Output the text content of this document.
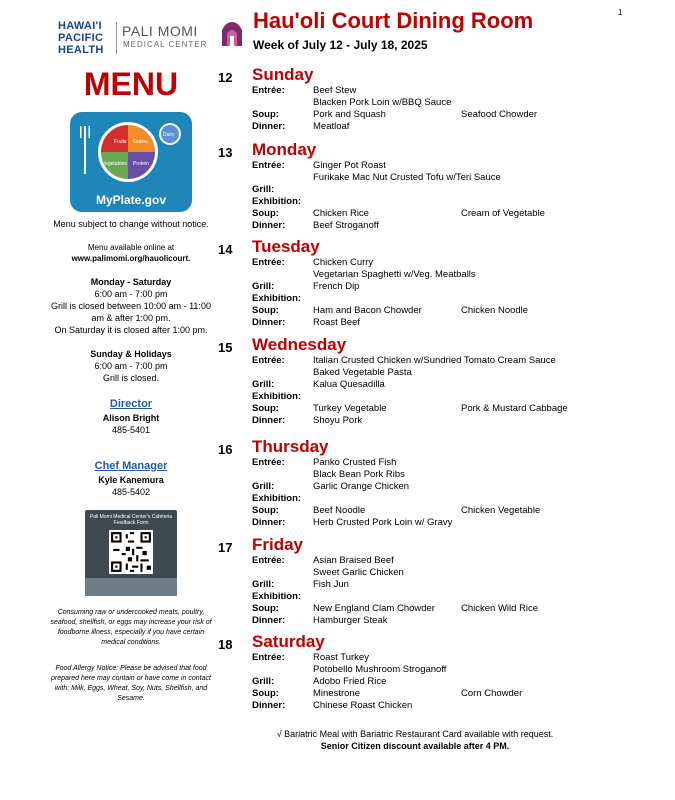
1
HAWAI'I
PACIFIC
HEALTH
PALI MOMI
MEDICAL CENTER
Hau'oli Court Dining Room
Week of July 12 - July 18, 2025
MENU
Fruits Grains
Vegetables Protein
Dairy
MyPlate.gov
Menu subject to change without notice.
Menu available online at
www.palimomi.org/hauolicourt.
Monday - Saturday
6:00 am - 7:00 pm
Grill is closed between 10:00 am - 11:00 am & after 1:00 pm.
On Saturday it is closed after 1:00 pm.
Sunday & Holidays
6:00 am - 7:00 pm
Grill is closed.
Director
Alison Bright
485-5401
Chef Manager
Kyle Kanemura
485-5402
Pali Momi Medical Center's Cafeteria Feedback Form
Consuming raw or undercooked meats, poultry, seafood, shellfish, or eggs may increase your risk of foodborne illness, especially if you have certain medical conditions.
Food Allergy Notice: Please be advised that food prepared here may contain or have come in contact with: Milk, Eggs, Wheat, Soy, Nuts, Shellfish, and Sesame.
12 Sunday
Entrée:	Beef Stew
Blacken Pork Loin w/BBQ Sauce
Soup:	Pork and Squash	Seafood Chowder
Dinner:	Meatloaf
13 Monday
Entrée:	Ginger Pot Roast
Furikake Mac Nut Crusted Tofu w/Teri Sauce
Grill:
Exhibition:
Soup:	Chicken Rice	Cream of Vegetable
Dinner:	Beef Stroganoff
14 Tuesday
Entrée:	Chicken Curry
Vegetarian Spaghetti w/Veg. Meatballs
Grill:	French Dip
Exhibition:
Soup:	Ham and Bacon Chowder	Chicken Noodle
Dinner:	Roast Beef
15 Wednesday
Entrée:	Italian Crusted Chicken w/Sundried Tomato Cream Sauce
Baked Vegetable Pasta
Grill:	Kalua Quesadilla
Exhibition:
Soup:	Turkey Vegetable	Pork & Mustard Cabbage
Dinner:	Shoyu Pork
16 Thursday
Entrée:	Panko Crusted Fish
Black Bean Pork Ribs
Grill:	Garlic Orange Chicken
Exhibition:
Soup:	Beef Noodle	Chicken Vegetable
Dinner:	Herb Crusted Pork Loin w/ Gravy
17 Friday
Entrée:	Asian Braised Beef
Sweet Garlic Chicken
Grill:	Fish Jun
Exhibition:
Soup:	New England Clam Chowder	Chicken Wild Rice
Dinner:	Hamburger Steak
18 Saturday
Entrée:	Roast Turkey
Potobello Mushroom Stroganoff
Grill:	Adobo Fried Rice
Soup:	Minestrone	Corn Chowder
Dinner:	Chinese Roast Chicken
√ Bariatric Meal with Bariatric Restaurant Card available with request.
Senior Citizen discount available after 4 PM.
